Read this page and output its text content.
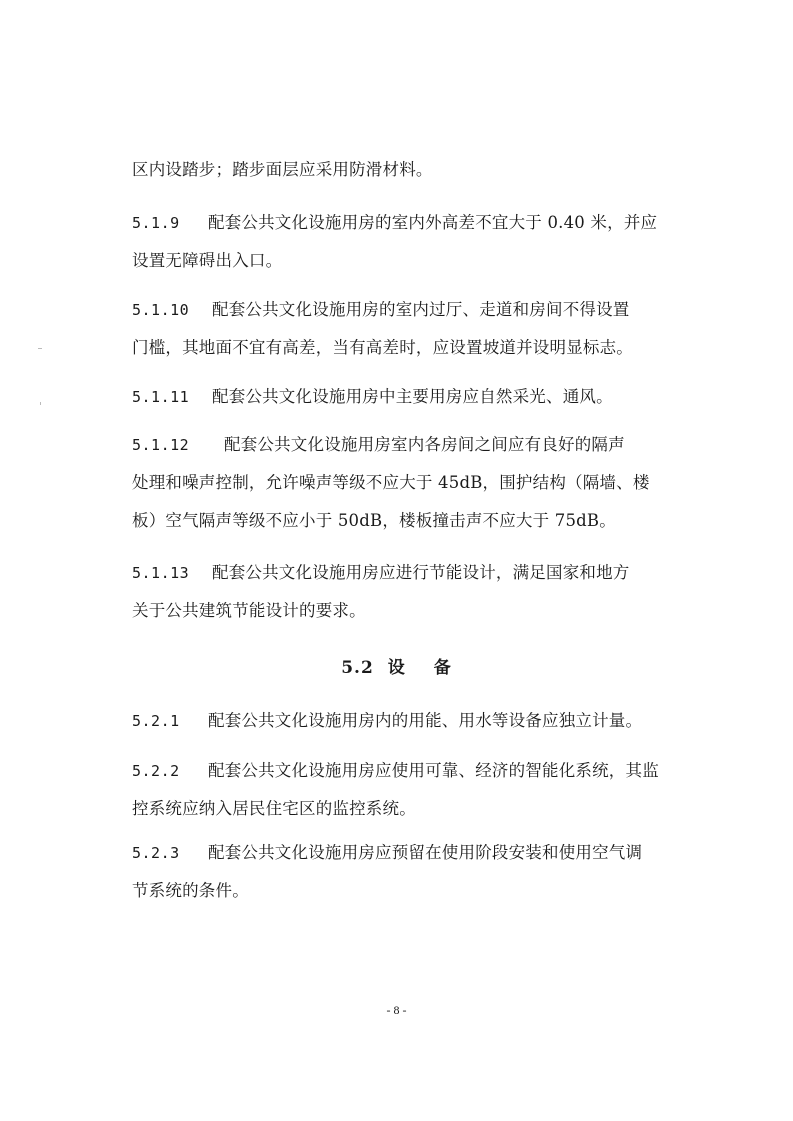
区内设踏步；踏步面层应采用防滑材料。
5.1.9 配套公共文化设施用房的室内外高差不宜大于 0.40 米，并应
设置无障碍出入口。
5.1.10 配套公共文化设施用房的室内过厅、走道和房间不得设置
门槛，其地面不宜有高差，当有高差时，应设置坡道并设明显标志。
5.1.11 配套公共文化设施用房中主要用房应自然采光、通风。
5.1.12 配套公共文化设施用房室内各房间之间应有良好的隔声
处理和噪声控制，允许噪声等级不应大于 45dB，围护结构（隔墙、楼
板）空气隔声等级不应小于 50dB，楼板撞击声不应大于 75dB。
5.1.13 配套公共文化设施用房应进行节能设计，满足国家和地方
关于公共建筑节能设计的要求。
5.2 设 备
5.2.1 配套公共文化设施用房内的用能、用水等设备应独立计量。
5.2.2 配套公共文化设施用房应使用可靠、经济的智能化系统，其监
控系统应纳入居民住宅区的监控系统。
5.2.3 配套公共文化设施用房应预留在使用阶段安装和使用空气调
节系统的条件。
- 8 -
